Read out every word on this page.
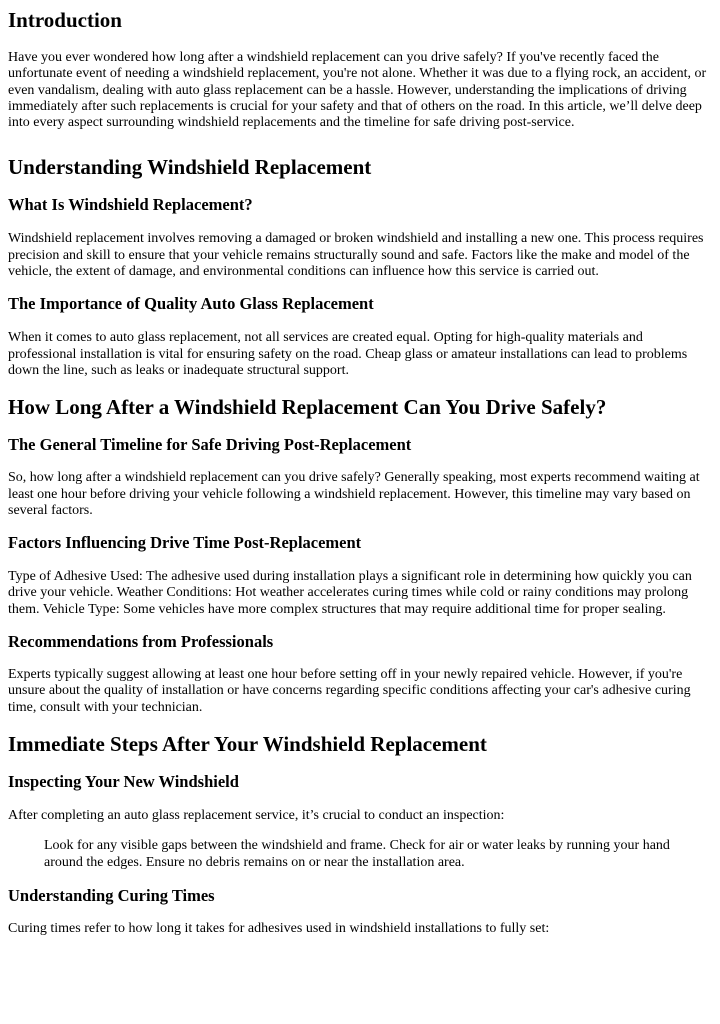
Introduction

Have you ever wondered how long after a windshield replacement can you drive safely? If you've recently faced the unfortunate event of needing a windshield replacement, you're not alone. Whether it was due to a flying rock, an accident, or even vandalism, dealing with auto glass replacement can be a hassle. However, understanding the implications of driving immediately after such replacements is crucial for your safety and that of others on the road. In this article, we’ll delve deep into every aspect surrounding windshield replacements and the timeline for safe driving post-service.

Understanding Windshield Replacement
What Is Windshield Replacement?

Windshield replacement involves removing a damaged or broken windshield and installing a new one. This process requires precision and skill to ensure that your vehicle remains structurally sound and safe. Factors like the make and model of the vehicle, the extent of damage, and environmental conditions can influence how this service is carried out.

The Importance of Quality Auto Glass Replacement

When it comes to auto glass replacement, not all services are created equal. Opting for high-quality materials and professional installation is vital for ensuring safety on the road. Cheap glass or amateur installations can lead to problems down the line, such as leaks or inadequate structural support.

How Long After a Windshield Replacement Can You Drive Safely?
The General Timeline for Safe Driving Post-Replacement

So, how long after a windshield replacement can you drive safely? Generally speaking, most experts recommend waiting at least one hour before driving your vehicle following a windshield replacement. However, this timeline may vary based on several factors.

Factors Influencing Drive Time Post-Replacement

Type of Adhesive Used: The adhesive used during installation plays a significant role in determining how quickly you can drive your vehicle. Weather Conditions: Hot weather accelerates curing times while cold or rainy conditions may prolong them. Vehicle Type: Some vehicles have more complex structures that may require additional time for proper sealing.

Recommendations from Professionals

Experts typically suggest allowing at least one hour before setting off in your newly repaired vehicle. However, if you're unsure about the quality of installation or have concerns regarding specific conditions affecting your car's adhesive curing time, consult with your technician.

Immediate Steps After Your Windshield Replacement
Inspecting Your New Windshield

After completing an auto glass replacement service, it’s crucial to conduct an inspection:

Look for any visible gaps between the windshield and frame. Check for air or water leaks by running your hand around the edges. Ensure no debris remains on or near the installation area.

Understanding Curing Times

Curing times refer to how long it takes for adhesives used in windshield installations to fully set:
